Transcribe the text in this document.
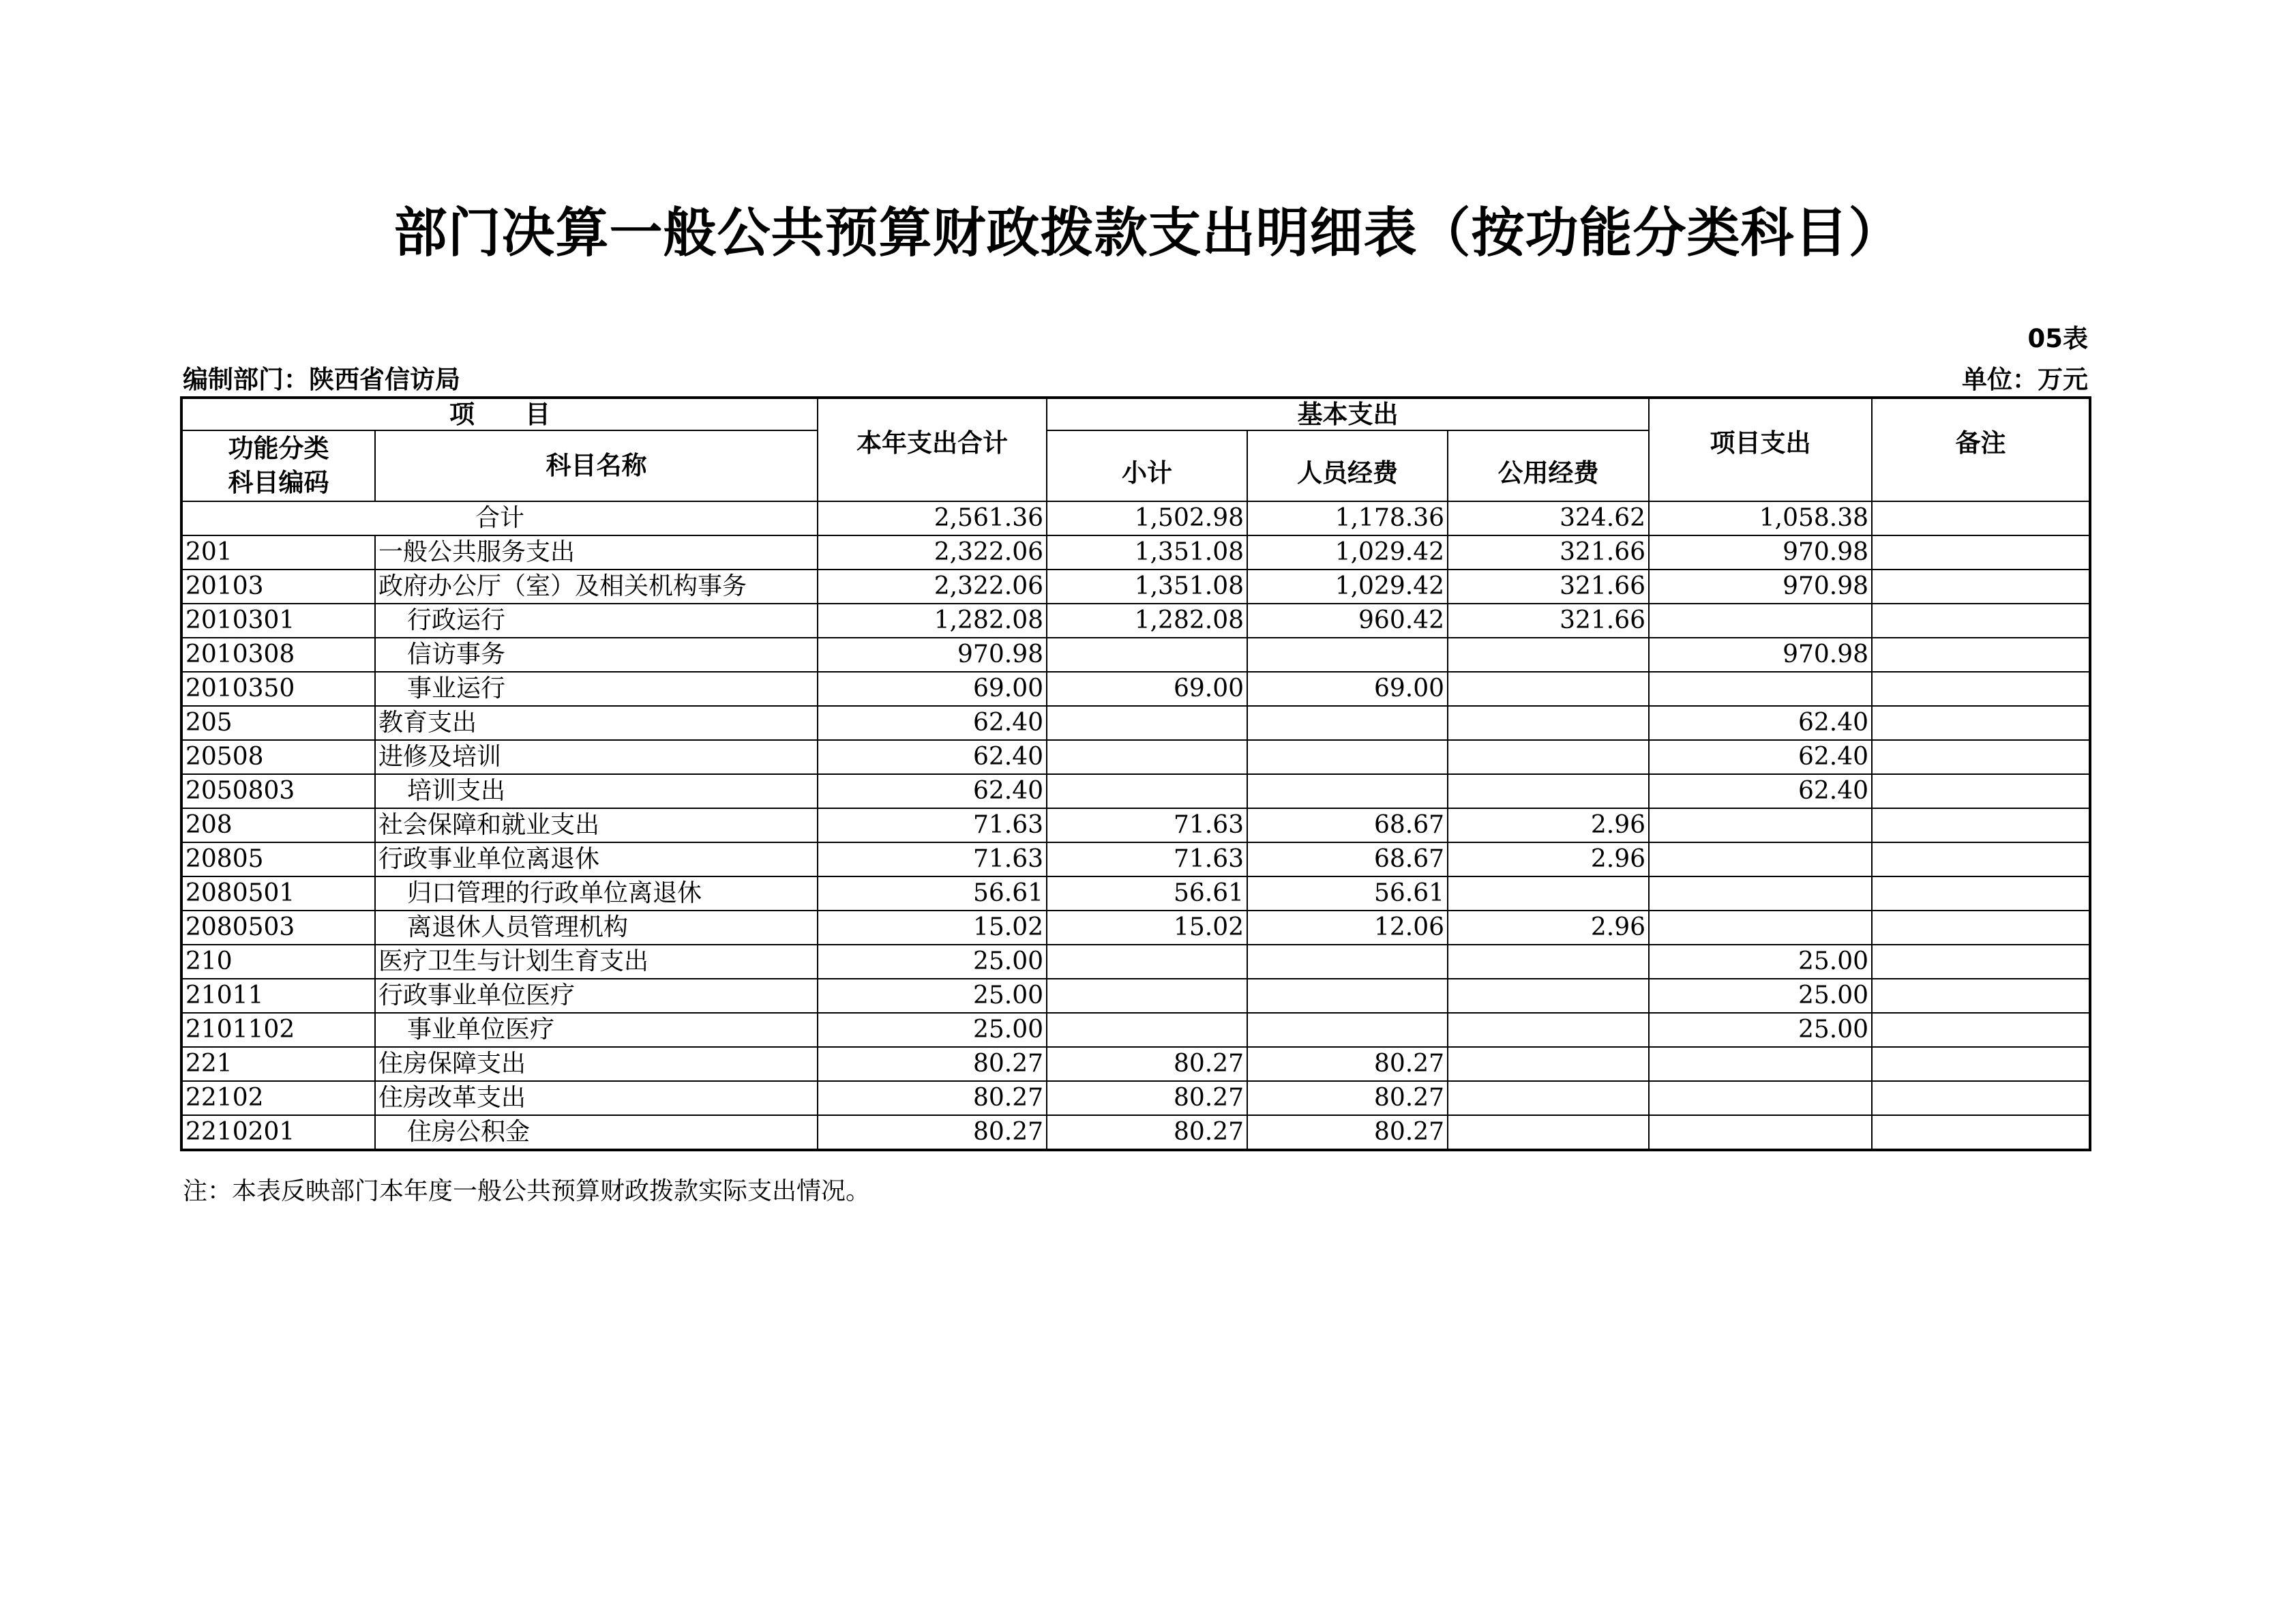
部门决算一般公共预算财政拨款支出明细表（按功能分类科目）
05表
编制部门：陕西省信访局	单位：万元
项　　目		本年支出合计	基本支出			项目支出	备注
功能分类
科目编码	科目名称		小计	人员经费	公用经费		
合计		2,561.36	1,502.98	1,178.36	324.62	1,058.38	
201	一般公共服务支出	2,322.06	1,351.08	1,029.42	321.66	970.98	
20103	政府办公厅（室）及相关机构事务	2,322.06	1,351.08	1,029.42	321.66	970.98	
2010301	行政运行	1,282.08	1,282.08	960.42	321.66		
2010308	信访事务	970.98				970.98	
2010350	事业运行	69.00	69.00	69.00			
205	教育支出	62.40				62.40	
20508	进修及培训	62.40				62.40	
2050803	培训支出	62.40				62.40	
208	社会保障和就业支出	71.63	71.63	68.67	2.96		
20805	行政事业单位离退休	71.63	71.63	68.67	2.96		
2080501	归口管理的行政单位离退休	56.61	56.61	56.61			
2080503	离退休人员管理机构	15.02	15.02	12.06	2.96		
210	医疗卫生与计划生育支出	25.00				25.00	
21011	行政事业单位医疗	25.00				25.00	
2101102	事业单位医疗	25.00				25.00	
221	住房保障支出	80.27	80.27	80.27			
22102	住房改革支出	80.27	80.27	80.27			
2210201	住房公积金	80.27	80.27	80.27			
注：本表反映部门本年度一般公共预算财政拨款实际支出情况。
